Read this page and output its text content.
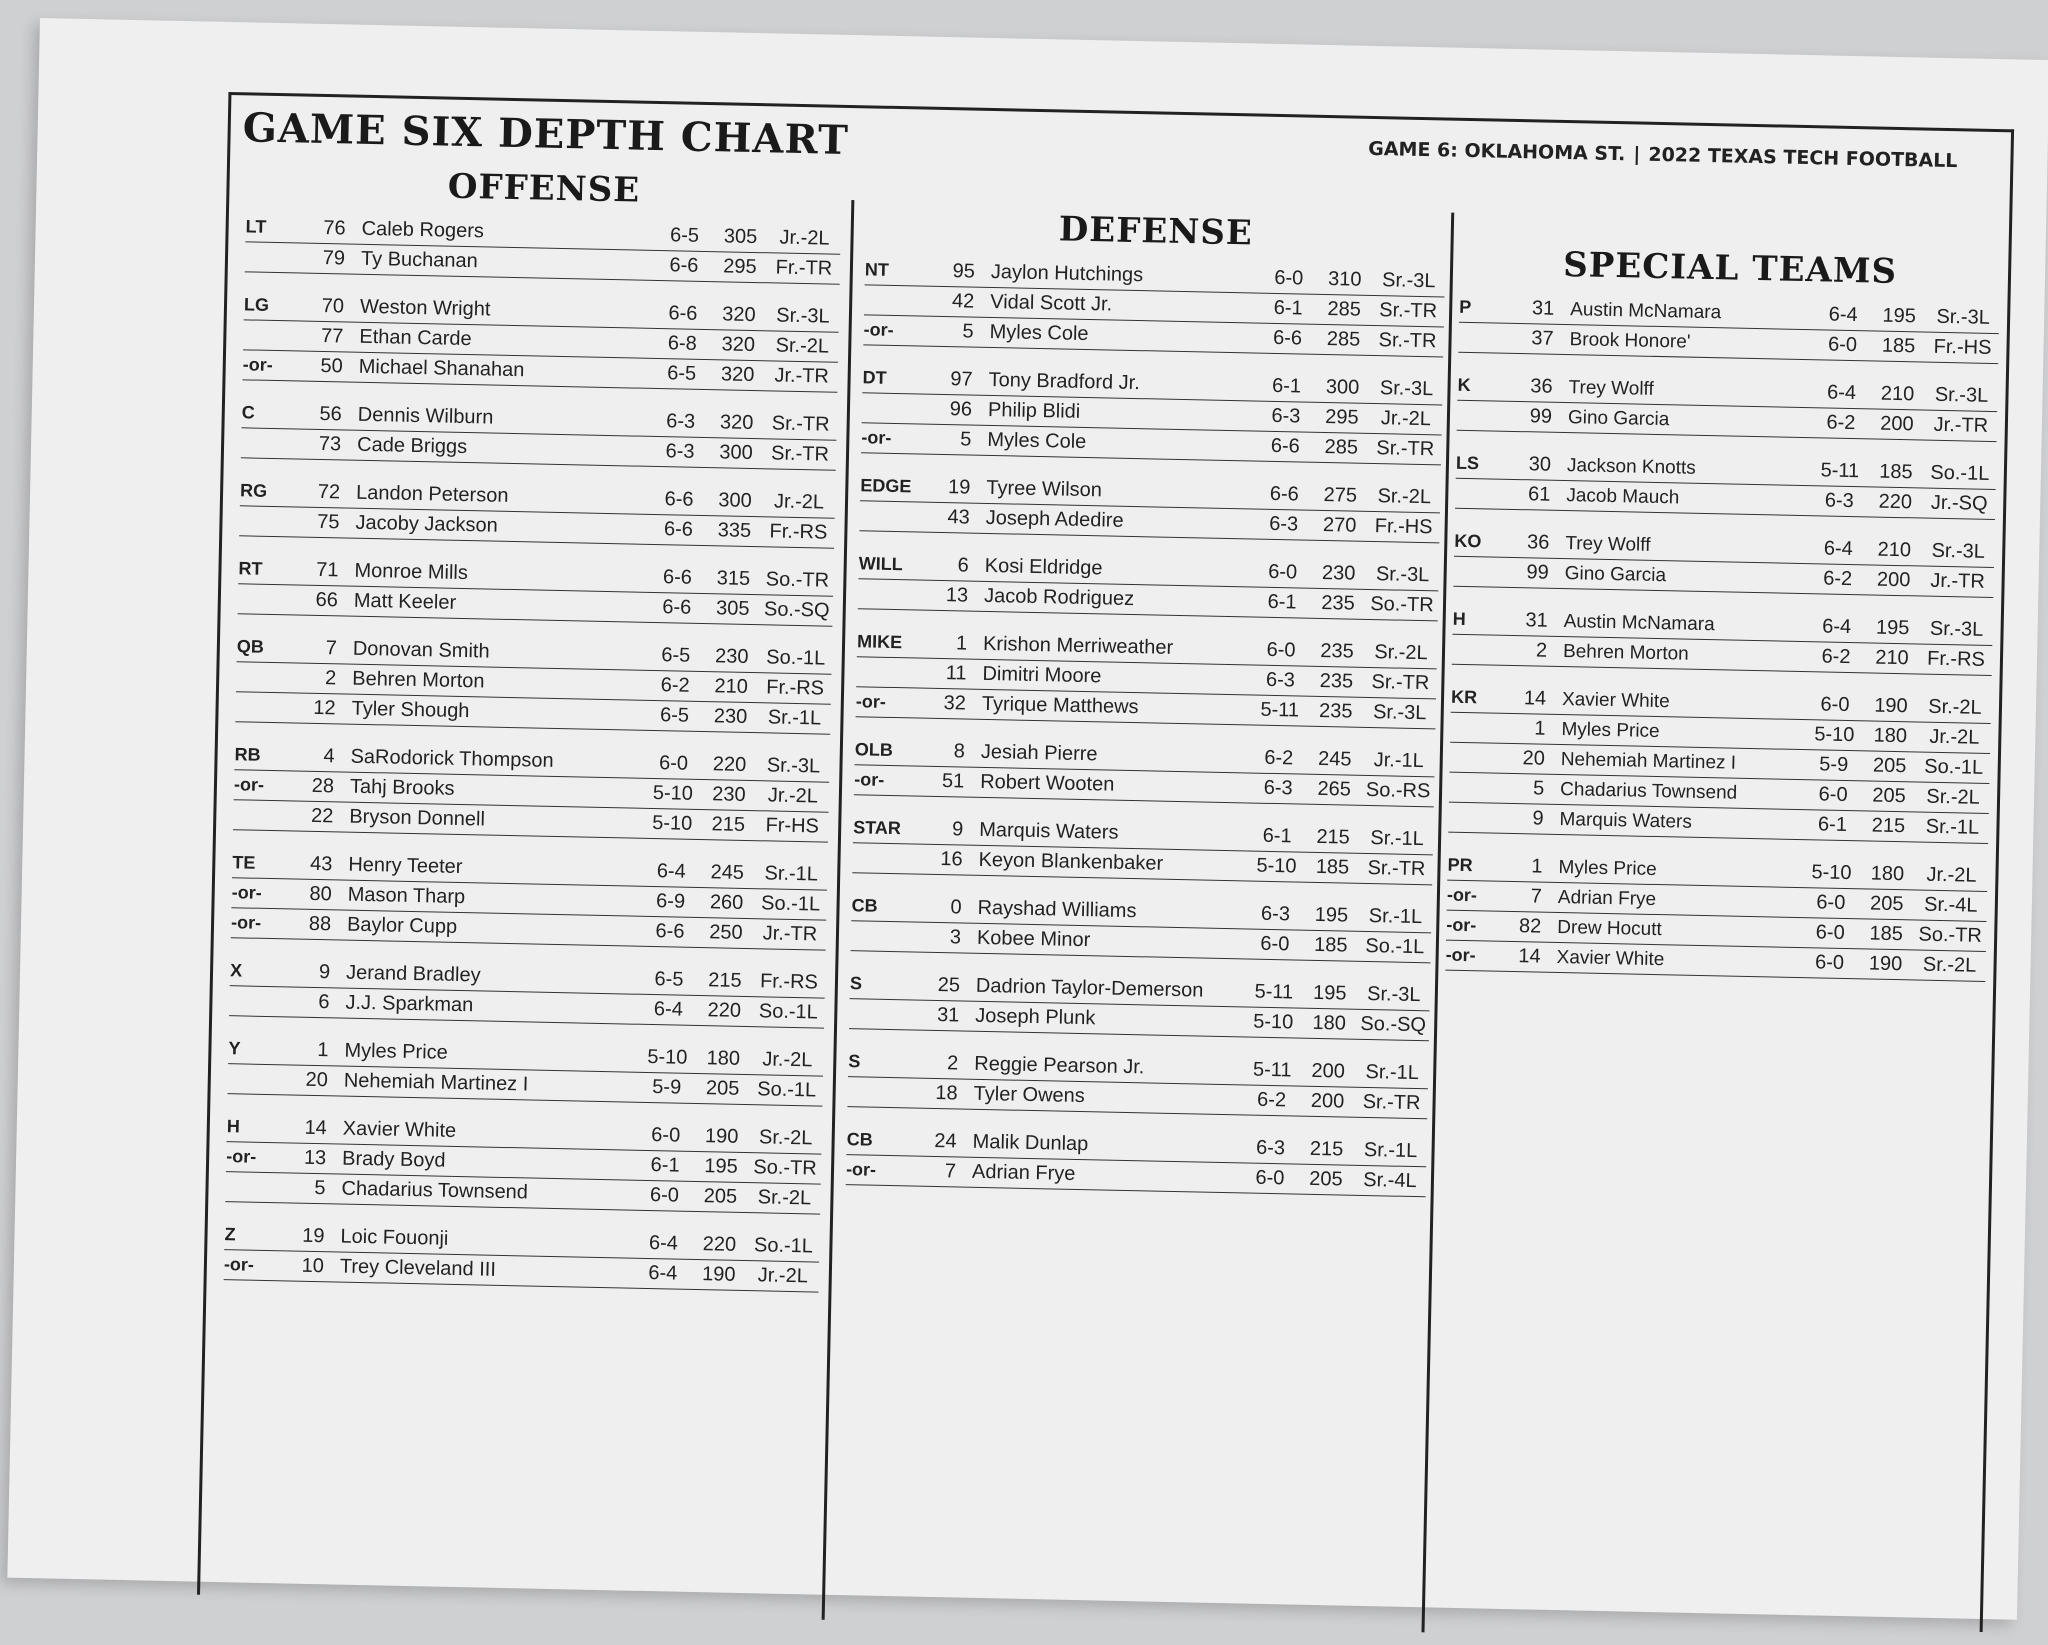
GAME SIX DEPTH CHART	GAME 6: OKLAHOMA ST. | 2022 TEXAS TECH FOOTBALL
OFFENSE
LT	76 Caleb Rogers	6-5	305	Jr.-2L
79 Ty Buchanan	6-6	295 Fr.-TR
LG	70 Weston Wright	6-6	320	Sr.-3L
77 Ethan Carde	6-8	320	Sr.-2L
-or-	50 Michael Shanahan	6-5	320 Jr.-TR
C	56 Dennis Wilburn	6-3	320 Sr.-TR
73 Cade Briggs	6-3	300 Sr.-TR
RG	72 Landon Peterson	6-6	300	Jr.-2L
75 Jacoby Jackson	6-6	335 Fr.-RS
RT	71 Monroe Mills	6-6	315 So.-TR
66 Matt Keeler	6-6	305 So.-SQ
QB	7 Donovan Smith	6-5	230 So.-1L
2 Behren Morton	6-2	210 Fr.-RS
12 Tyler Shough	6-5	230	Sr.-1L
RB	4 SaRodorick Thompson	6-0	220	Sr.-3L
-or-	28 Tahj Brooks	5-10 230	Jr.-2L
22 Bryson Donnell	5-10 215	Fr-HS
TE	43 Henry Teeter	6-4	245	Sr.-1L
-or-	80 Mason Tharp	6-9	260 So.-1L
-or-	88 Baylor Cupp	6-6	250 Jr.-TR
X	9 Jerand Bradley	6-5	215 Fr.-RS
6 J.J. Sparkman	6-4	220 So.-1L
Y	1 Myles Price	5-10 180	Jr.-2L
20 Nehemiah Martinez I	5-9	205 So.-1L
H	14 Xavier White	6-0	190	Sr.-2L
-or-	13 Brady Boyd	6-1	195 So.-TR
5 Chadarius Townsend	6-0	205	Sr.-2L
Z	19 Loic Fouonji	6-4	220 So.-1L
-or-	10 Trey Cleveland III	6-4	190	Jr.-2L
DEFENSE
NT	95 Jaylon Hutchings	6-0	310	Sr.-3L
42 Vidal Scott Jr.	6-1	285 Sr.-TR
-or-	5 Myles Cole	6-6	285 Sr.-TR
DT	97 Tony Bradford Jr.	6-1	300	Sr.-3L
96 Philip Blidi	6-3	295	Jr.-2L
-or-	5 Myles Cole	6-6	285 Sr.-TR
EDGE	19 Tyree Wilson	6-6	275	Sr.-2L
43 Joseph Adedire	6-3	270 Fr.-HS
WILL	6 Kosi Eldridge	6-0	230	Sr.-3L
13 Jacob Rodriguez	6-1	235 So.-TR
MIKE	1 Krishon Merriweather	6-0	235	Sr.-2L
11 Dimitri Moore	6-3	235 Sr.-TR
-or-	32 Tyrique Matthews	5-11 235	Sr.-3L
OLB	8 Jesiah Pierre	6-2	245	Jr.-1L
-or-	51 Robert Wooten	6-3	265 So.-RS
STAR	9 Marquis Waters	6-1	215	Sr.-1L
16 Keyon Blankenbaker	5-10 185 Sr.-TR
CB	0 Rayshad Williams	6-3	195	Sr.-1L
3 Kobee Minor	6-0	185 So.-1L
S	25 Dadrion Taylor-Demerson	5-11 195	Sr.-3L
31 Joseph Plunk	5-10 180 So.-SQ
S	2 Reggie Pearson Jr.	5-11 200	Sr.-1L
18 Tyler Owens	6-2	200 Sr.-TR
CB	24 Malik Dunlap	6-3	215	Sr.-1L
-or-	7 Adrian Frye	6-0	205	Sr.-4L
SPECIAL TEAMS
P	31 Austin McNamara	6-4	195	Sr.-3L
37 Brook Honore'	6-0	185 Fr.-HS
K	36 Trey Wolff	6-4	210	Sr.-3L
99 Gino Garcia	6-2	200 Jr.-TR
LS	30 Jackson Knotts	5-11 185 So.-1L
61 Jacob Mauch	6-3	220 Jr.-SQ
KO	36 Trey Wolff	6-4	210	Sr.-3L
99 Gino Garcia	6-2	200 Jr.-TR
H	31 Austin McNamara	6-4	195	Sr.-3L
2 Behren Morton	6-2	210 Fr.-RS
KR	14 Xavier White	6-0	190	Sr.-2L
1 Myles Price	5-10 180	Jr.-2L
20 Nehemiah Martinez I	5-9	205 So.-1L
5 Chadarius Townsend	6-0	205	Sr.-2L
9 Marquis Waters	6-1	215	Sr.-1L
PR	1 Myles Price	5-10 180	Jr.-2L
-or-	7 Adrian Frye	6-0	205	Sr.-4L
-or-	82 Drew Hocutt	6-0	185 So.-TR
-or-	14 Xavier White	6-0	190	Sr.-2L
